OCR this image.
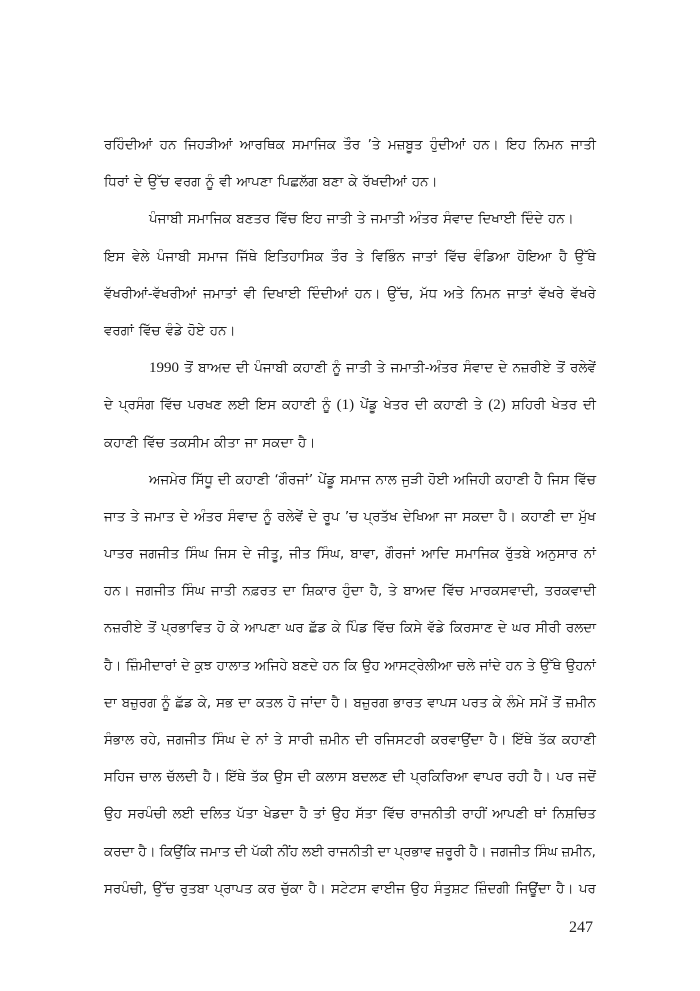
ਰਹਿੰਦੀਆਂ ਹਨ ਜਿਹੜੀਆਂ ਆਰਥਿਕ ਸਮਾਜਿਕ ਤੌਰ ’ਤੇ ਮਜ਼ਬੂਤ ਹੁੰਦੀਆਂ ਹਨ। ਇਹ ਨਿਮਨ ਜਾਤੀ
ਧਿਰਾਂ ਦੇ ਉੱਚ ਵਰਗ ਨੂੰ ਵੀ ਆਪਣਾ ਪਿਛਲੱਗ ਬਣਾ ਕੇ ਰੱਖਦੀਆਂ ਹਨ।
ਪੰਜਾਬੀ ਸਮਾਜਿਕ ਬਣਤਰ ਵਿੱਚ ਇਹ ਜਾਤੀ ਤੇ ਜਮਾਤੀ ਅੰਤਰ ਸੰਵਾਦ ਦਿਖਾਈ ਦਿੰਦੇ ਹਨ।
ਇਸ ਵੇਲੇ ਪੰਜਾਬੀ ਸਮਾਜ ਜਿੱਥੇ ਇਤਿਹਾਸਿਕ ਤੌਰ ਤੇ ਵਿਭਿੰਨ ਜਾਤਾਂ ਵਿੱਚ ਵੰਡਿਆ ਹੋਇਆ ਹੈ ਉੱਥੇ
ਵੱਖਰੀਆਂ-ਵੱਖਰੀਆਂ ਜਮਾਤਾਂ ਵੀ ਦਿਖਾਈ ਦਿੰਦੀਆਂ ਹਨ। ਉੱਚ, ਮੱਧ ਅਤੇ ਨਿਮਨ ਜਾਤਾਂ ਵੱਖਰੇ ਵੱਖਰੇ
ਵਰਗਾਂ ਵਿੱਚ ਵੰਡੇ ਹੋਏ ਹਨ।
1990 ਤੋਂ ਬਾਅਦ ਦੀ ਪੰਜਾਬੀ ਕਹਾਣੀ ਨੂੰ ਜਾਤੀ ਤੇ ਜਮਾਤੀ-ਅੰਤਰ ਸੰਵਾਦ ਦੇ ਨਜ਼ਰੀਏ ਤੋਂ ਰਲੇਵੇਂ
ਦੇ ਪ੍ਰਸੰਗ ਵਿੱਚ ਪਰਖਣ ਲਈ ਇਸ ਕਹਾਣੀ ਨੂੰ (1) ਪੇਂਡੂ ਖੇਤਰ ਦੀ ਕਹਾਣੀ ਤੇ (2) ਸ਼ਹਿਰੀ ਖੇਤਰ ਦੀ
ਕਹਾਣੀ ਵਿੱਚ ਤਕਸੀਮ ਕੀਤਾ ਜਾ ਸਕਦਾ ਹੈ।
ਅਜਮੇਰ ਸਿੱਧੂ ਦੀ ਕਹਾਣੀ ‘ਗੌਰਜਾਂ’ ਪੇਂਡੂ ਸਮਾਜ ਨਾਲ ਜੁੜੀ ਹੋਈ ਅਜਿਹੀ ਕਹਾਣੀ ਹੈ ਜਿਸ ਵਿੱਚ
ਜਾਤ ਤੇ ਜਮਾਤ ਦੇ ਅੰਤਰ ਸੰਵਾਦ ਨੂੰ ਰਲੇਵੇਂ ਦੇ ਰੂਪ ’ਚ ਪ੍ਰਤੱਖ ਦੇਖਿਆ ਜਾ ਸਕਦਾ ਹੈ। ਕਹਾਣੀ ਦਾ ਮੁੱਖ
ਪਾਤਰ ਜਗਜੀਤ ਸਿੰਘ ਜਿਸ ਦੇ ਜੀਤੂ, ਜੀਤ ਸਿੰਘ, ਬਾਵਾ, ਗੌਰਜਾਂ ਆਦਿ ਸਮਾਜਿਕ ਰੁੱਤਬੇ ਅਨੁਸਾਰ ਨਾਂ
ਹਨ। ਜਗਜੀਤ ਸਿੰਘ ਜਾਤੀ ਨਫ਼ਰਤ ਦਾ ਸ਼ਿਕਾਰ ਹੁੰਦਾ ਹੈ, ਤੇ ਬਾਅਦ ਵਿੱਚ ਮਾਰਕਸਵਾਦੀ, ਤਰਕਵਾਦੀ
ਨਜ਼ਰੀਏ ਤੋਂ ਪ੍ਰਭਾਵਿਤ ਹੋ ਕੇ ਆਪਣਾ ਘਰ ਛੱਡ ਕੇ ਪਿੰਡ ਵਿੱਚ ਕਿਸੇ ਵੱਡੇ ਕਿਰਸਾਣ ਦੇ ਘਰ ਸੀਰੀ ਰਲਦਾ
ਹੈ। ਜ਼ਿੰਮੀਦਾਰਾਂ ਦੇ ਕੁਝ ਹਾਲਾਤ ਅਜਿਹੇ ਬਣਦੇ ਹਨ ਕਿ ਉਹ ਆਸਟ੍ਰੇਲੀਆ ਚਲੇ ਜਾਂਦੇ ਹਨ ਤੇ ਉੱਥੇ ਉਹਨਾਂ
ਦਾ ਬਜ਼ੁਰਗ ਨੂੰ ਛੱਡ ਕੇ, ਸਭ ਦਾ ਕਤਲ ਹੋ ਜਾਂਦਾ ਹੈ। ਬਜ਼ੁਰਗ ਭਾਰਤ ਵਾਪਸ ਪਰਤ ਕੇ ਲੰਮੇ ਸਮੇਂ ਤੋਂ ਜ਼ਮੀਨ
ਸੰਭਾਲ ਰਹੇ, ਜਗਜੀਤ ਸਿੰਘ ਦੇ ਨਾਂ ਤੇ ਸਾਰੀ ਜ਼ਮੀਨ ਦੀ ਰਜਿਸਟਰੀ ਕਰਵਾਉਂਦਾ ਹੈ। ਇੱਥੇ ਤੱਕ ਕਹਾਣੀ
ਸਹਿਜ ਚਾਲ ਚੱਲਦੀ ਹੈ। ਇੱਥੇ ਤੱਕ ਉਸ ਦੀ ਕਲਾਸ ਬਦਲਣ ਦੀ ਪ੍ਰਕਿਰਿਆ ਵਾਪਰ ਰਹੀ ਹੈ। ਪਰ ਜਦੋਂ
ਉਹ ਸਰਪੰਚੀ ਲਈ ਦਲਿਤ ਪੱਤਾ ਖੇਡਦਾ ਹੈ ਤਾਂ ਉਹ ਸੱਤਾ ਵਿੱਚ ਰਾਜਨੀਤੀ ਰਾਹੀਂ ਆਪਣੀ ਥਾਂ ਨਿਸ਼ਚਿਤ
ਕਰਦਾ ਹੈ। ਕਿਉਂਕਿ ਜਮਾਤ ਦੀ ਪੱਕੀ ਨੀਂਹ ਲਈ ਰਾਜਨੀਤੀ ਦਾ ਪ੍ਰਭਾਵ ਜ਼ਰੂਰੀ ਹੈ। ਜਗਜੀਤ ਸਿੰਘ ਜ਼ਮੀਨ,
ਸਰਪੰਚੀ, ਉੱਚ ਰੁਤਬਾ ਪ੍ਰਾਪਤ ਕਰ ਚੁੱਕਾ ਹੈ। ਸਟੇਟਸ ਵਾਈਜ ਉਹ ਸੰਤੁਸ਼ਟ ਜ਼ਿੰਦਗੀ ਜਿਊਂਦਾ ਹੈ। ਪਰ
247
